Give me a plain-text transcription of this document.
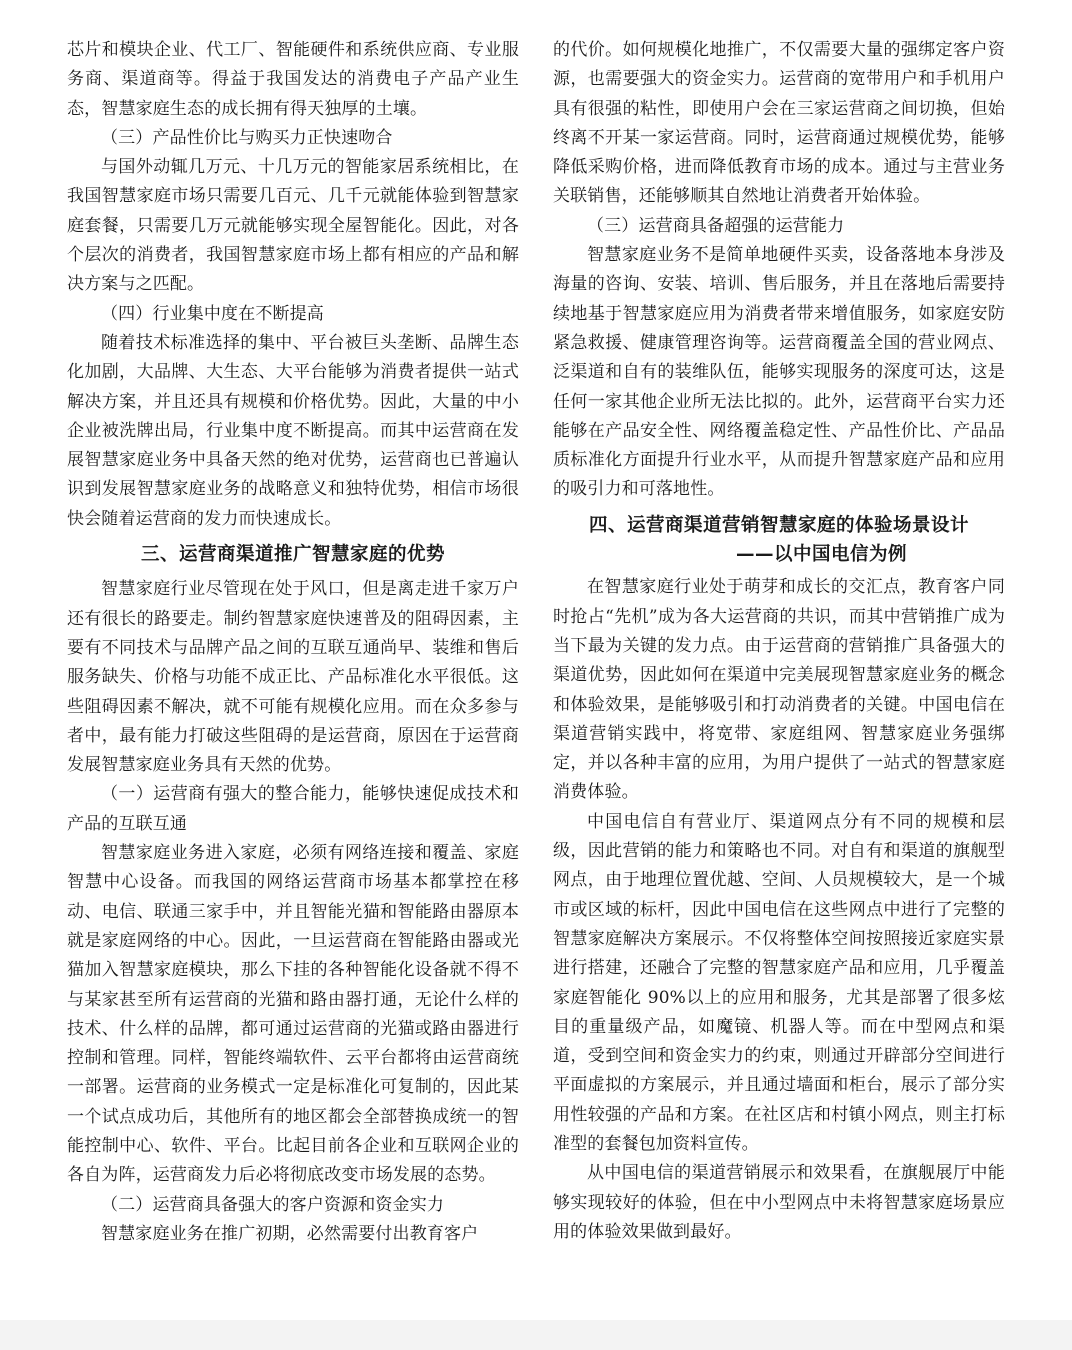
芯片和模块企业、代工厂、智能硬件和系统供应商、专业服务商、渠道商等。得益于我国发达的消费电子产品产业生态，智慧家庭生态的成长拥有得天独厚的土壤。

（三）产品性价比与购买力正快速吻合

与国外动辄几万元、十几万元的智能家居系统相比，在我国智慧家庭市场只需要几百元、几千元就能体验到智慧家庭套餐，只需要几万元就能够实现全屋智能化。因此，对各个层次的消费者，我国智慧家庭市场上都有相应的产品和解决方案与之匹配。

（四）行业集中度在不断提高

随着技术标准选择的集中、平台被巨头垄断、品牌生态化加剧，大品牌、大生态、大平台能够为消费者提供一站式解决方案，并且还具有规模和价格优势。因此，大量的中小企业被洗牌出局，行业集中度不断提高。而其中运营商在发展智慧家庭业务中具备天然的绝对优势，运营商也已普遍认识到发展智慧家庭业务的战略意义和独特优势，相信市场很快会随着运营商的发力而快速成长。

三、运营商渠道推广智慧家庭的优势

智慧家庭行业尽管现在处于风口，但是离走进千家万户还有很长的路要走。制约智慧家庭快速普及的阻碍因素，主要有不同技术与品牌产品之间的互联互通尚早、装维和售后服务缺失、价格与功能不成正比、产品标准化水平很低。这些阻碍因素不解决，就不可能有规模化应用。而在众多参与者中，最有能力打破这些阻碍的是运营商，原因在于运营商发展智慧家庭业务具有天然的优势。

（一）运营商有强大的整合能力，能够快速促成技术和产品的互联互通

智慧家庭业务进入家庭，必须有网络连接和覆盖、家庭智慧中心设备。而我国的网络运营商市场基本都掌控在移动、电信、联通三家手中，并且智能光猫和智能路由器原本就是家庭网络的中心。因此，一旦运营商在智能路由器或光猫加入智慧家庭模块，那么下挂的各种智能化设备就不得不与某家甚至所有运营商的光猫和路由器打通，无论什么样的技术、什么样的品牌，都可通过运营商的光猫或路由器进行控制和管理。同样，智能终端软件、云平台都将由运营商统一部署。运营商的业务模式一定是标准化可复制的，因此某一个试点成功后，其他所有的地区都会全部替换成统一的智能控制中心、软件、平台。比起目前各企业和互联网企业的各自为阵，运营商发力后必将彻底改变市场发展的态势。

（二）运营商具备强大的客户资源和资金实力

智慧家庭业务在推广初期，必然需要付出教育客户

的代价。如何规模化地推广，不仅需要大量的强绑定客户资源，也需要强大的资金实力。运营商的宽带用户和手机用户具有很强的粘性，即使用户会在三家运营商之间切换，但始终离不开某一家运营商。同时，运营商通过规模优势，能够降低采购价格，进而降低教育市场的成本。通过与主营业务关联销售，还能够顺其自然地让消费者开始体验。

（三）运营商具备超强的运营能力

智慧家庭业务不是简单地硬件买卖，设备落地本身涉及海量的咨询、安装、培训、售后服务，并且在落地后需要持续地基于智慧家庭应用为消费者带来增值服务，如家庭安防紧急救援、健康管理咨询等。运营商覆盖全国的营业网点、泛渠道和自有的装维队伍，能够实现服务的深度可达，这是任何一家其他企业所无法比拟的。此外，运营商平台实力还能够在产品安全性、网络覆盖稳定性、产品性价比、产品品质标准化方面提升行业水平，从而提升智慧家庭产品和应用的吸引力和可落地性。

四、运营商渠道营销智慧家庭的体验场景设计
——以中国电信为例

在智慧家庭行业处于萌芽和成长的交汇点，教育客户同时抢占“先机”成为各大运营商的共识，而其中营销推广成为当下最为关键的发力点。由于运营商的营销推广具备强大的渠道优势，因此如何在渠道中完美展现智慧家庭业务的概念和体验效果，是能够吸引和打动消费者的关键。中国电信在渠道营销实践中，将宽带、家庭组网、智慧家庭业务强绑定，并以各种丰富的应用，为用户提供了一站式的智慧家庭消费体验。

中国电信自有营业厅、渠道网点分有不同的规模和层级，因此营销的能力和策略也不同。对自有和渠道的旗舰型网点，由于地理位置优越、空间、人员规模较大，是一个城市或区域的标杆，因此中国电信在这些网点中进行了完整的智慧家庭解决方案展示。不仅将整体空间按照接近家庭实景进行搭建，还融合了完整的智慧家庭产品和应用，几乎覆盖家庭智能化 90%以上的应用和服务，尤其是部署了很多炫目的重量级产品，如魔镜、机器人等。而在中型网点和渠道，受到空间和资金实力的约束，则通过开辟部分空间进行平面虚拟的方案展示，并且通过墙面和柜台，展示了部分实用性较强的产品和方案。在社区店和村镇小网点，则主打标准型的套餐包加资料宣传。

从中国电信的渠道营销展示和效果看，在旗舰展厅中能够实现较好的体验，但在中小型网点中未将智慧家庭场景应用的体验效果做到最好。
